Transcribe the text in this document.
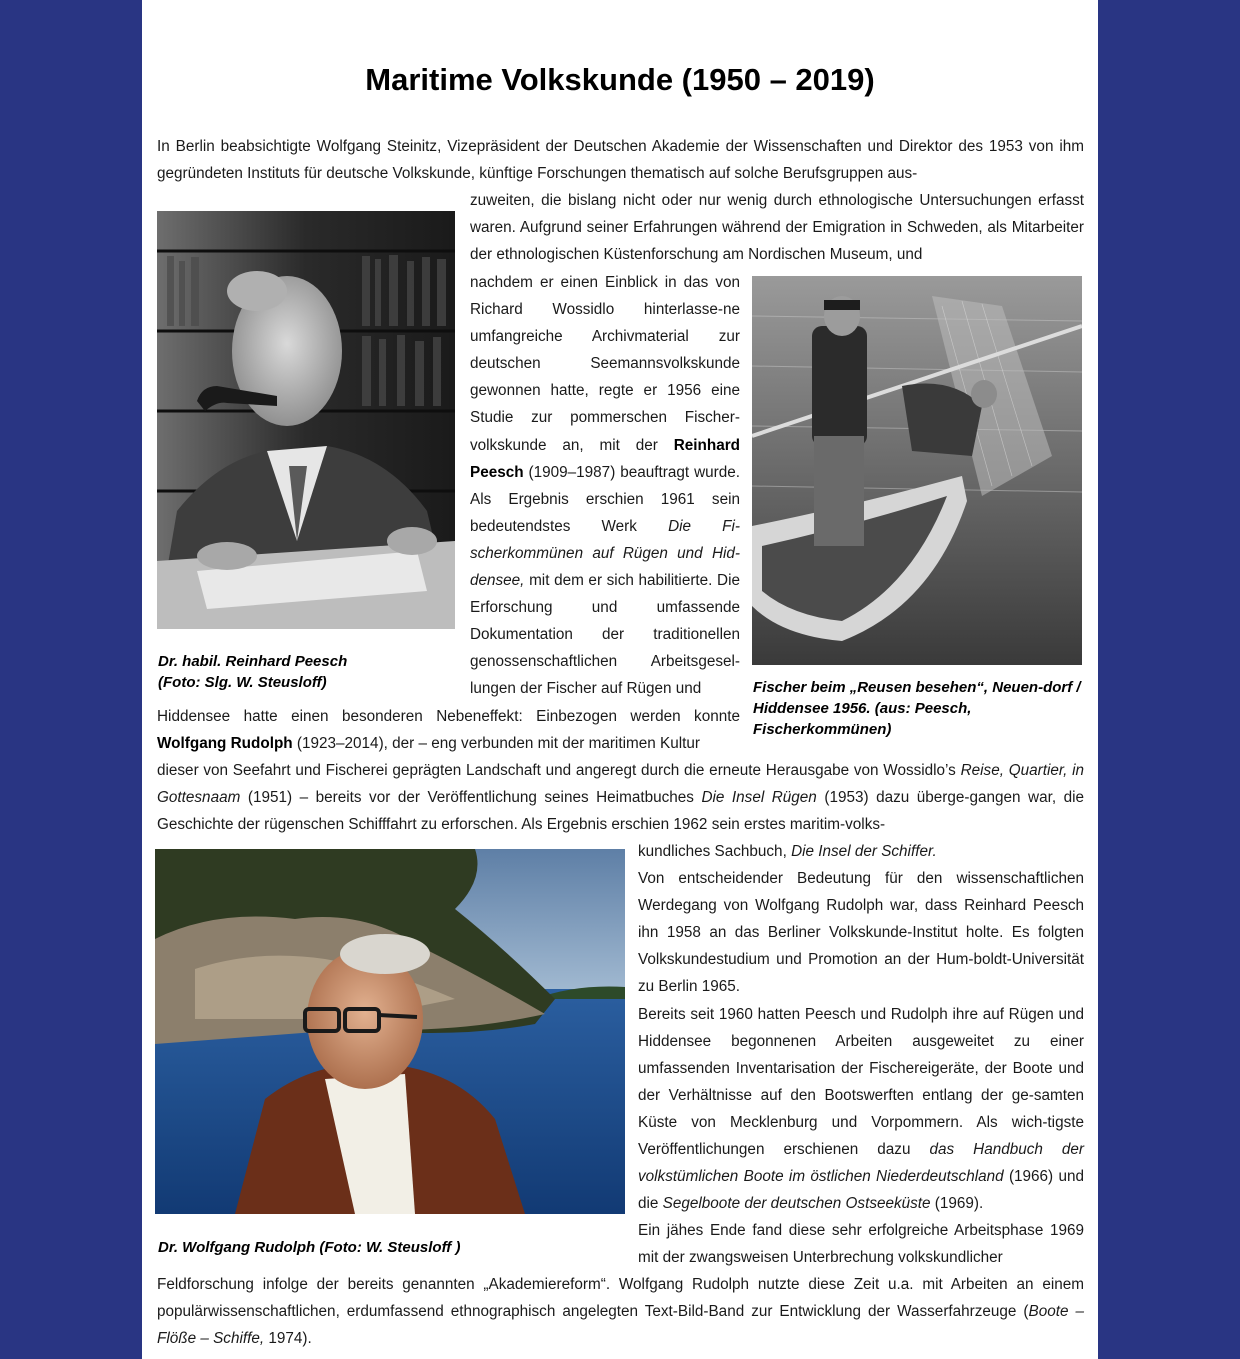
Maritime Volkskunde (1950 – 2019)

In Berlin beabsichtigte Wolfgang Steinitz, Vizepräsident der Deutschen Akademie der Wissenschaften und Direktor des 1953 von ihm gegründeten Instituts für deutsche Volkskunde, künftige Forschungen thematisch auf solche Berufsgruppen aus-

zuweiten, die bislang nicht oder nur wenig durch ethnologische Untersuchungen erfasst waren. Aufgrund seiner Erfahrungen während der Emigration in Schweden, als Mitarbeiter der ethnologischen Küstenforschung am Nordischen Museum, und

nachdem er einen Einblick in das von Richard Wossidlo hinterlasse-ne umfangreiche Archivmaterial zur deutschen Seemannsvolkskunde gewonnen hatte, regte er 1956 eine Studie zur pommerschen Fischer-volkskunde an, mit der Reinhard Peesch (1909–1987) beauftragt wurde. Als Ergebnis erschien 1961 sein bedeutendstes Werk Die Fi-scherkommünen auf Rügen und Hid-densee, mit dem er sich habilitierte. Die Erforschung und umfassende Dokumentation der traditionellen genossenschaftlichen Arbeitsgesel-lungen der Fischer auf Rügen und

Hiddensee hatte einen besonderen Nebeneffekt: Einbezogen werden konnte Wolfgang Rudolph (1923–2014), der – eng verbunden mit der maritimen Kultur

dieser von Seefahrt und Fischerei geprägten Landschaft und angeregt durch die erneute Herausgabe von Wossidlo’s Reise, Quartier, in Gottesnaam (1951) – bereits vor der Veröffentlichung seines Heimatbuches Die Insel Rügen (1953) dazu überge-gangen war, die Geschichte der rügenschen Schifffahrt zu erforschen. Als Ergebnis erschien 1962 sein erstes maritim-volks-

kundliches Sachbuch, Die Insel der Schiffer.
Von entscheidender Bedeutung für den wissenschaftlichen Werdegang von Wolfgang Rudolph war, dass Reinhard Peesch ihn 1958 an das Berliner Volkskunde-Institut holte. Es folgten Volkskundestudium und Promotion an der Hum-boldt-Universität zu Berlin 1965.
Bereits seit 1960 hatten Peesch und Rudolph ihre auf Rügen und Hiddensee begonnenen Arbeiten ausgeweitet zu einer umfassenden Inventarisation der Fischereigeräte, der Boote und der Verhältnisse auf den Bootswerften entlang der ge-samten Küste von Mecklenburg und Vorpommern. Als wich-tigste Veröffentlichungen erschienen dazu das Handbuch der volkstümlichen Boote im östlichen Niederdeutschland (1966) und die Segelboote der deutschen Ostseeküste (1969).
Ein jähes Ende fand diese sehr erfolgreiche Arbeitsphase 1969 mit der zwangsweisen Unterbrechung volkskundlicher

Feldforschung infolge der bereits genannten „Akademiereform“. Wolfgang Rudolph nutzte diese Zeit u.a. mit Arbeiten an einem populärwissenschaftlichen, erdumfassend ethnographisch angelegten Text-Bild-Band zur Entwicklung der Wasserfahrzeuge (Boote – Flöße – Schiffe, 1974).

Dr. habil. Reinhard Peesch
(Foto: Slg. W. Steusloff)	Fischer beim „Reusen besehen“, Neuen-dorf / Hiddensee 1956. (aus: Peesch, Fischerkommünen)

Dr. Wolfgang Rudolph (Foto: W. Steusloff )
